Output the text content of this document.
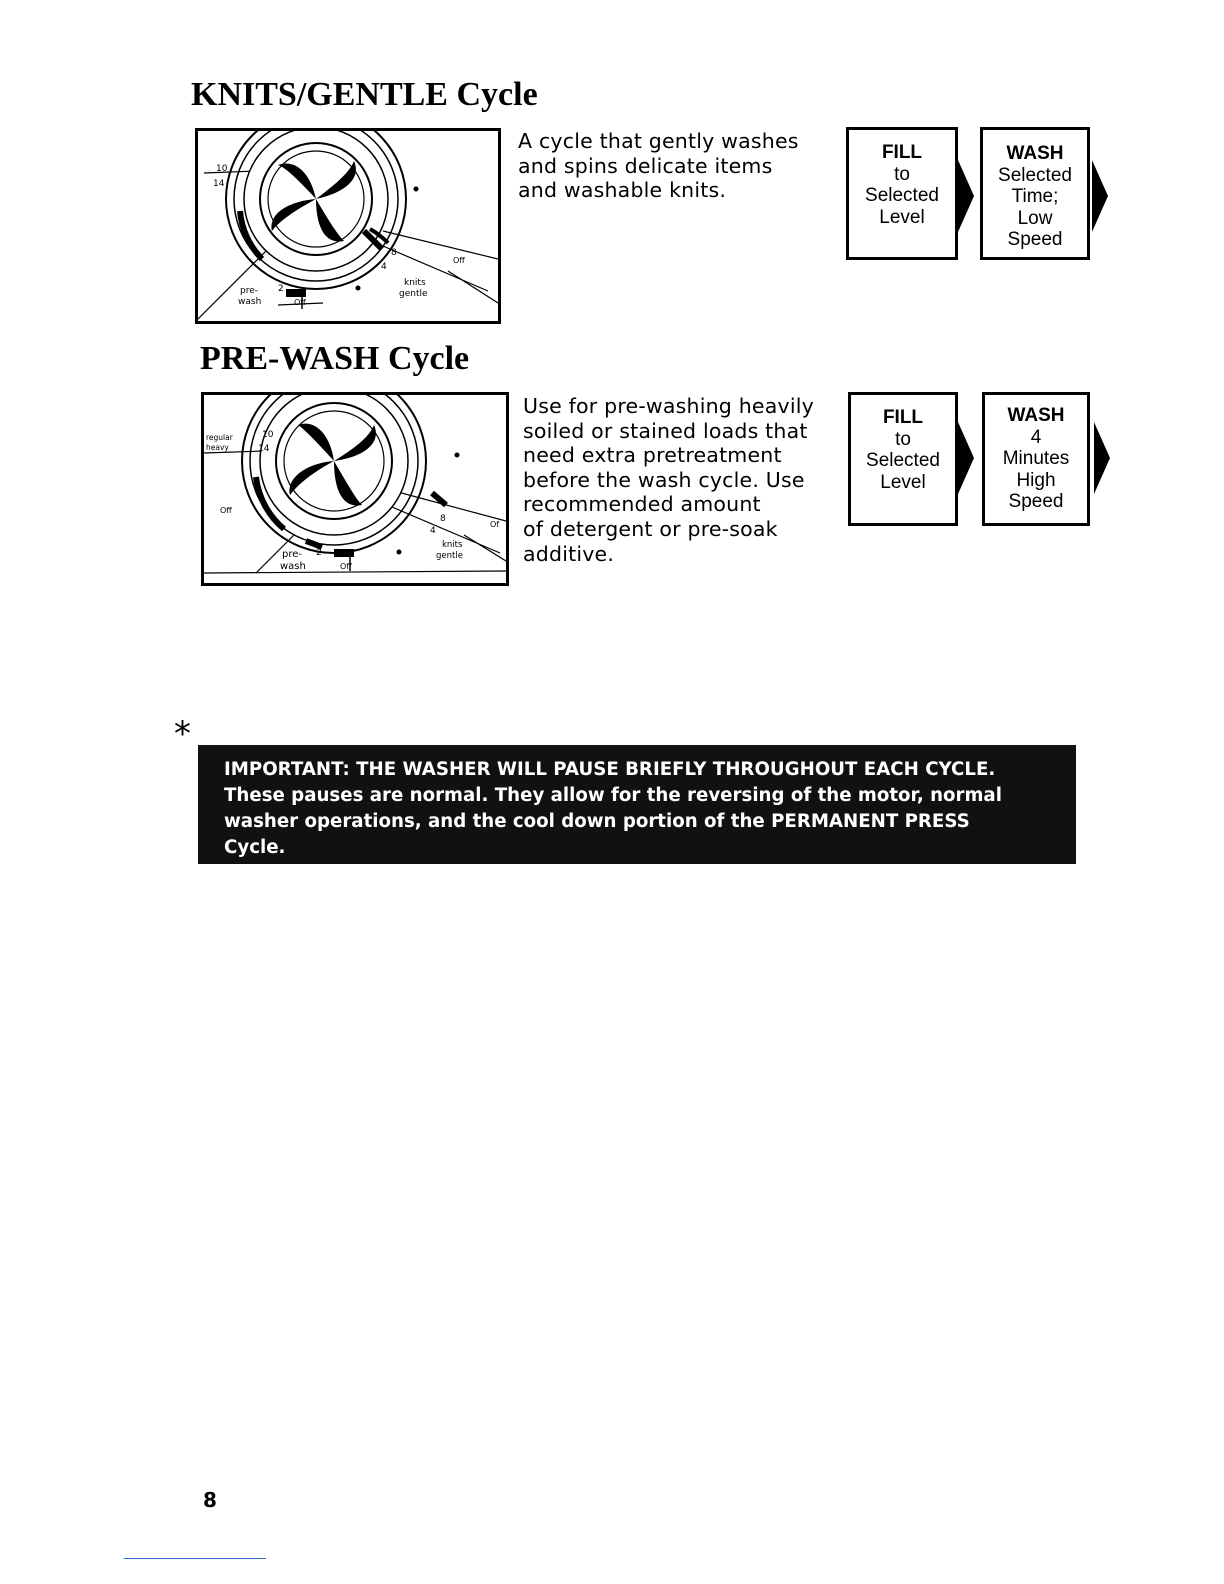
KNITS/GENTLE Cycle
10
14
8
4
Off
2
pre-
wash	Off
knits
gentle
A cycle that gently washes
and spins delicate items
and washable knits.
FILL
to
Selected
Level
WASH
Selected
Time;
Low
Speed
PRE-WASH Cycle
regular
heavy
10
14
Off
8
4
Of
2
pre-
wash	Off
knits
gentle
Use for pre-washing heavily
soiled or stained loads that
need extra pretreatment
before the wash cycle. Use
recommended amount
of detergent or pre-soak
additive.
FILL
to
Selected
Level
WASH
4
Minutes
High
Speed
*

IMPORTANT: THE WASHER WILL PAUSE BRIEFLY THROUGHOUT EACH CYCLE.

These pauses are normal. They allow for the reversing of the motor, normal

washer operations, and the cool down portion of the PERMANENT PRESS

Cycle.

8
